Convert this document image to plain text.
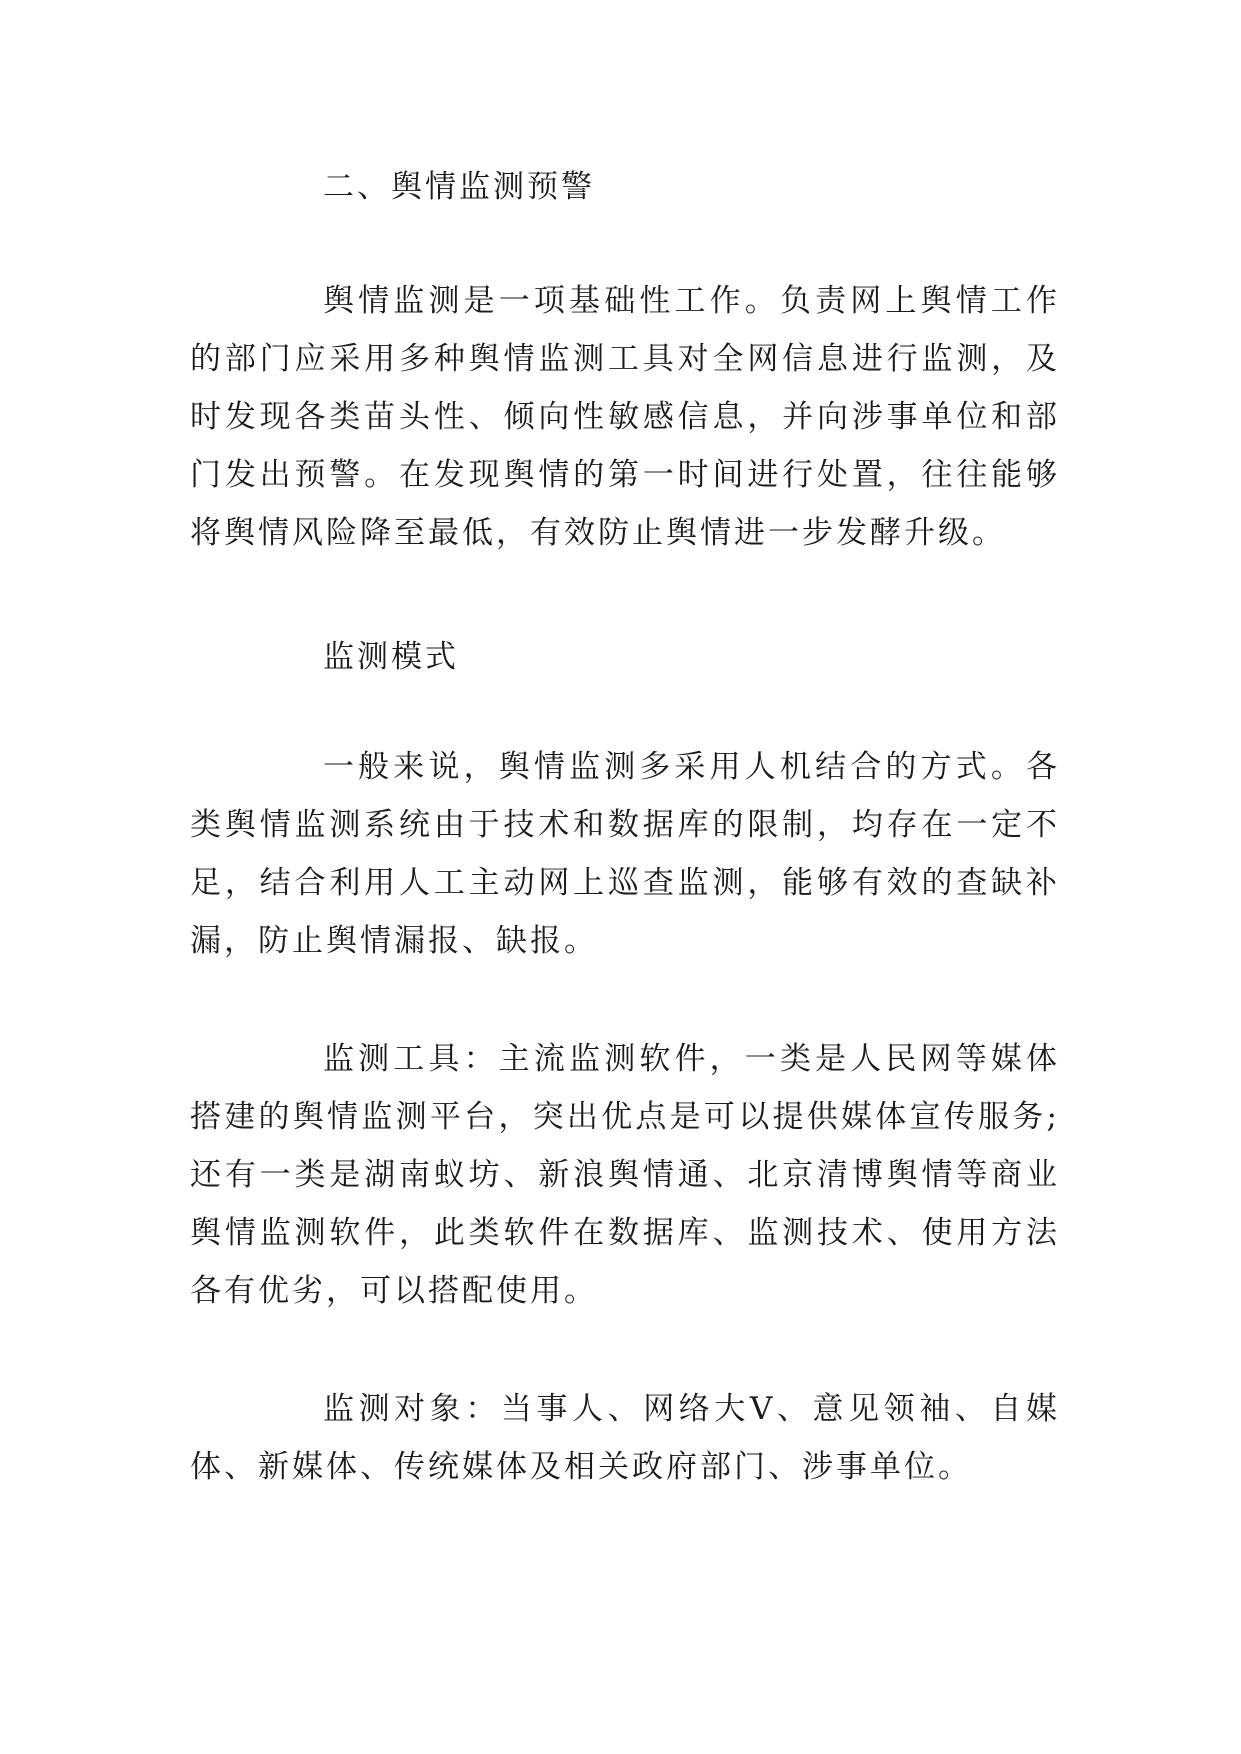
二、舆情监测预警

舆情监测是一项基础性工作。负责网上舆情工作的部门应采用多种舆情监测工具对全网信息进行监测，及时发现各类苗头性、倾向性敏感信息，并向涉事单位和部门发出预警。在发现舆情的第一时间进行处置，往往能够将舆情风险降至最低，有效防止舆情进一步发酵升级。

监测模式

一般来说，舆情监测多采用人机结合的方式。各类舆情监测系统由于技术和数据库的限制，均存在一定不足，结合利用人工主动网上巡查监测，能够有效的查缺补漏，防止舆情漏报、缺报。

监测工具：主流监测软件，一类是人民网等媒体搭建的舆情监测平台，突出优点是可以提供媒体宣传服务;还有一类是湖南蚁坊、新浪舆情通、北京清博舆情等商业舆情监测软件，此类软件在数据库、监测技术、使用方法各有优劣，可以搭配使用。

监测对象：当事人、网络大V、意见领袖、自媒体、新媒体、传统媒体及相关政府部门、涉事单位。
